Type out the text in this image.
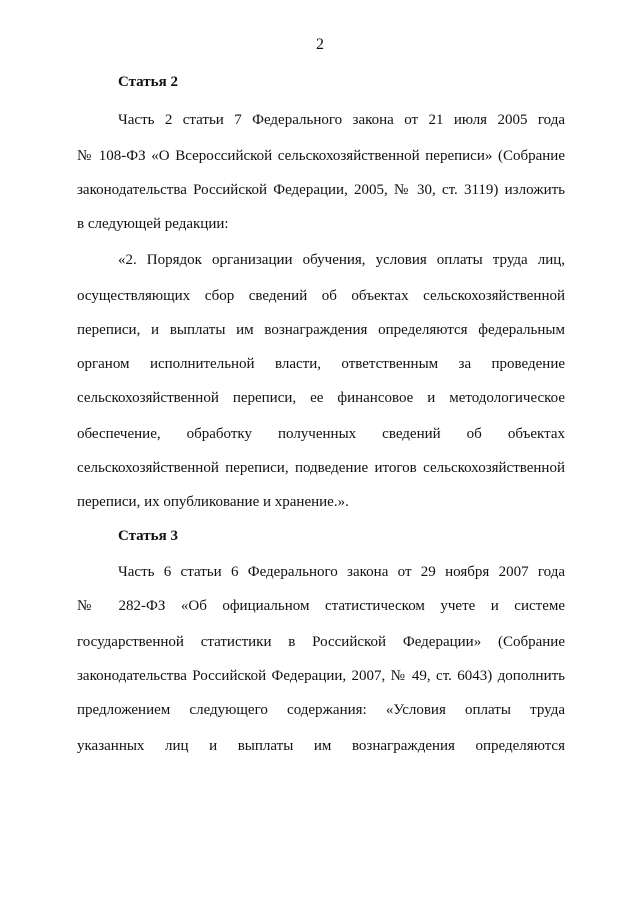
2
Статья 2
Часть 2 статьи 7 Федерального закона от 21 июля 2005 года
№ 108-ФЗ «О Всероссийской сельскохозяйственной переписи» (Собрание
законодательства Российской Федерации, 2005, № 30, ст. 3119) изложить
в следующей редакции:
«2. Порядок организации обучения, условия оплаты труда лиц,
осуществляющих сбор сведений об объектах сельскохозяйственной
переписи, и выплаты им вознаграждения определяются федеральным
органом исполнительной власти, ответственным за проведение
сельскохозяйственной переписи, ее финансовое и методологическое
обеспечение, обработку полученных сведений об объектах
сельскохозяйственной переписи, подведение итогов сельскохозяйственной
переписи, их опубликование и хранение.».
Статья 3
Часть 6 статьи 6 Федерального закона от 29 ноября 2007 года
№ 282-ФЗ «Об официальном статистическом учете и системе
государственной статистики в Российской Федерации» (Собрание
законодательства Российской Федерации, 2007, № 49, ст. 6043) дополнить
предложением следующего содержания: «Условия оплаты труда
указанных лиц и выплаты им вознаграждения определяются
